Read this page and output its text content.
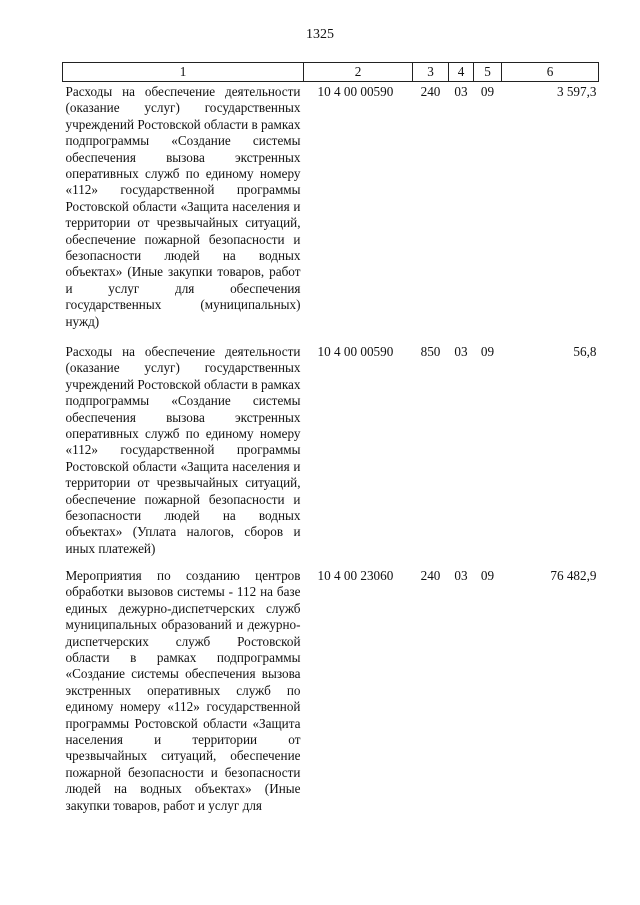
1325
1	2	3	4	5	6
Расходы на обеспечение деятельности (оказание услуг) государственных учреждений Ростовской области в рамках подпрограммы «Создание системы обеспечения вызова экстренных оперативных служб по единому номеру «112» государственной программы Ростовской области «Защита населения и территории от чрезвычайных ситуаций, обеспечение пожарной безопасности и безопасности людей на водных объектах» (Иные закупки товаров, работ и услуг для обеспечения государственных (муниципальных) нужд)	10 4 00 00590	240	03	09	3 597,3
Расходы на обеспечение деятельности (оказание услуг) государственных учреждений Ростовской области в рамках подпрограммы «Создание системы обеспечения вызова экстренных оперативных служб по единому номеру «112» государственной программы Ростовской области «Защита населения и территории от чрезвычайных ситуаций, обеспечение пожарной безопасности и безопасности людей на водных объектах» (Уплата налогов, сборов и иных платежей)	10 4 00 00590	850	03	09	56,8
Мероприятия по созданию центров обработки вызовов системы - 112 на базе единых дежурно-диспетчерских служб муниципальных образований и дежурно-диспетчерских служб Ростовской области в рамках подпрограммы «Создание системы обеспечения вызова экстренных оперативных служб по единому номеру «112» государственной программы Ростовской области «Защита населения и территории от чрезвычайных ситуаций, обеспечение пожарной безопасности и безопасности людей на водных объектах» (Иные закупки товаров, работ и услуг для	10 4 00 23060	240	03	09	76 482,9
